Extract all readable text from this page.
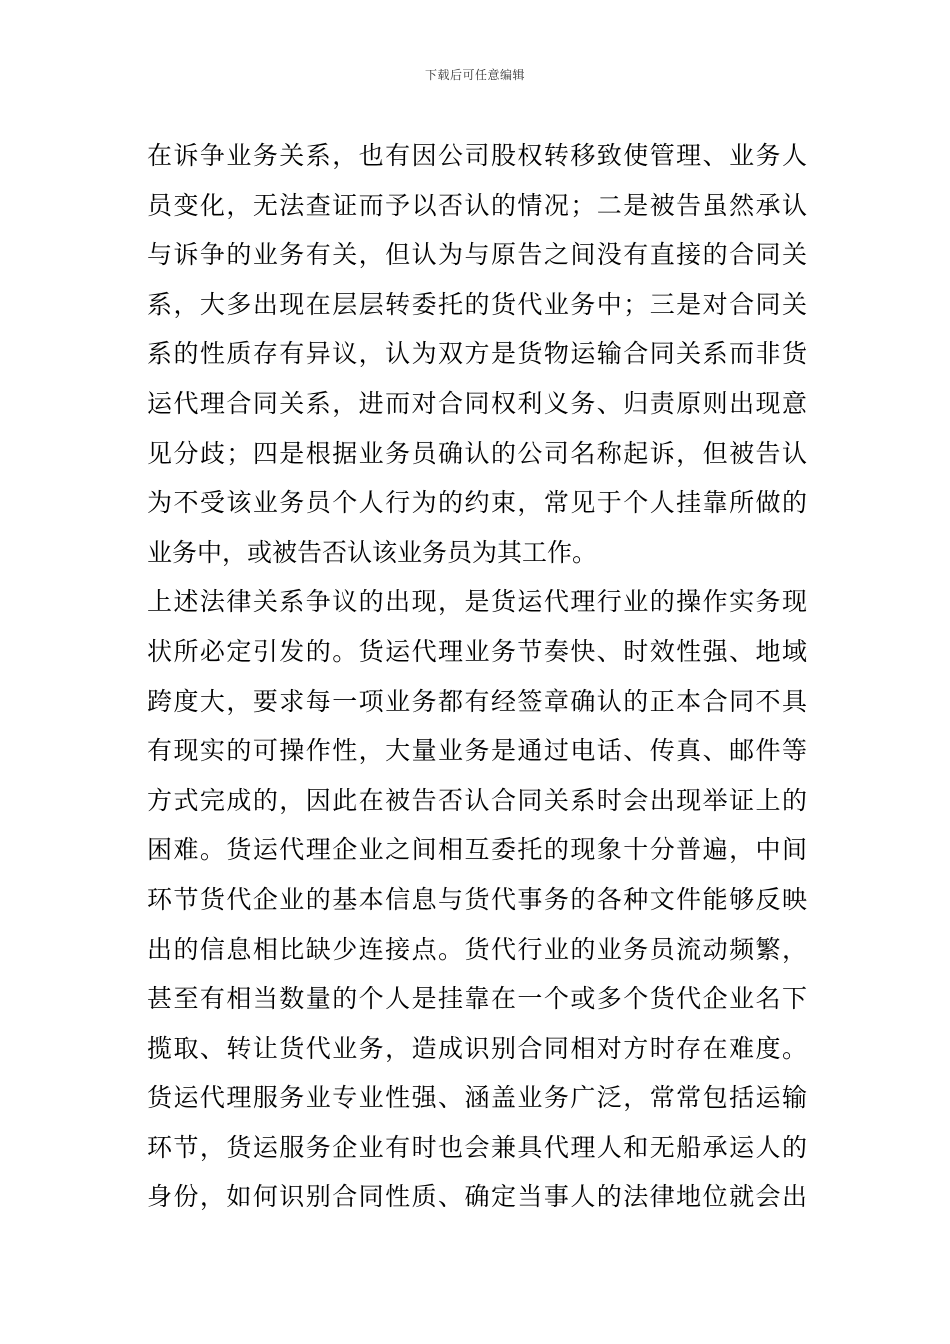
下载后可任意编辑
在诉争业务关系，也有因公司股权转移致使管理、业务人
员变化，无法查证而予以否认的情况；二是被告虽然承认
与诉争的业务有关，但认为与原告之间没有直接的合同关
系，大多出现在层层转委托的货代业务中；三是对合同关
系的性质存有异议，认为双方是货物运输合同关系而非货
运代理合同关系，进而对合同权利义务、归责原则出现意
见分歧；四是根据业务员确认的公司名称起诉，但被告认
为不受该业务员个人行为的约束，常见于个人挂靠所做的
业务中，或被告否认该业务员为其工作。
上述法律关系争议的出现，是货运代理行业的操作实务现
状所必定引发的。货运代理业务节奏快、时效性强、地域
跨度大，要求每一项业务都有经签章确认的正本合同不具
有现实的可操作性，大量业务是通过电话、传真、邮件等
方式完成的，因此在被告否认合同关系时会出现举证上的
困难。货运代理企业之间相互委托的现象十分普遍，中间
环节货代企业的基本信息与货代事务的各种文件能够反映
出的信息相比缺少连接点。货代行业的业务员流动频繁，
甚至有相当数量的个人是挂靠在一个或多个货代企业名下
揽取、转让货代业务，造成识别合同相对方时存在难度。
货运代理服务业专业性强、涵盖业务广泛，常常包括运输
环节，货运服务企业有时也会兼具代理人和无船承运人的
身份，如何识别合同性质、确定当事人的法律地位就会出
